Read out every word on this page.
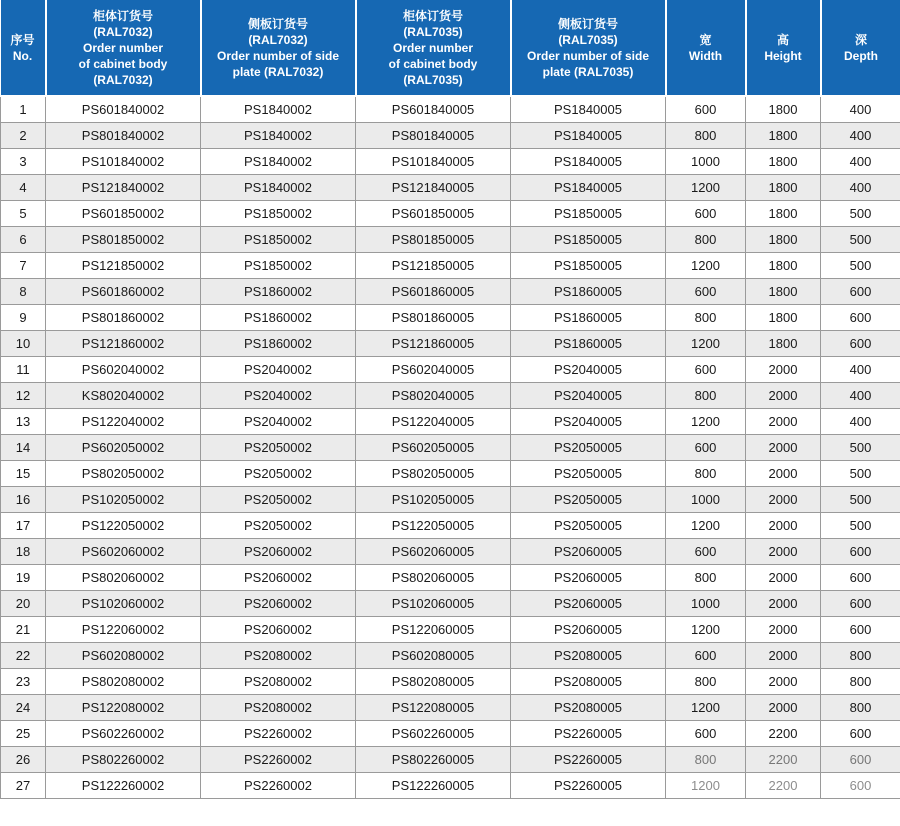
序号
No.	柜体订货号
(RAL7032)
Order number
of cabinet body
(RAL7032)	侧板订货号
(RAL7032)
Order number of side
plate (RAL7032)	柜体订货号
(RAL7035)
Order number
of cabinet body
(RAL7035)	侧板订货号
(RAL7035)
Order number of side
plate (RAL7035)	宽
Width	高
Height	深
Depth

1	PS601840002	PS1840002	PS601840005	PS1840005	600	1800	400
2	PS801840002	PS1840002	PS801840005	PS1840005	800	1800	400
3	PS101840002	PS1840002	PS101840005	PS1840005	1000	1800	400
4	PS121840002	PS1840002	PS121840005	PS1840005	1200	1800	400
5	PS601850002	PS1850002	PS601850005	PS1850005	600	1800	500
6	PS801850002	PS1850002	PS801850005	PS1850005	800	1800	500
7	PS121850002	PS1850002	PS121850005	PS1850005	1200	1800	500
8	PS601860002	PS1860002	PS601860005	PS1860005	600	1800	600
9	PS801860002	PS1860002	PS801860005	PS1860005	800	1800	600
10	PS121860002	PS1860002	PS121860005	PS1860005	1200	1800	600
11	PS602040002	PS2040002	PS602040005	PS2040005	600	2000	400
12	KS802040002	PS2040002	PS802040005	PS2040005	800	2000	400
13	PS122040002	PS2040002	PS122040005	PS2040005	1200	2000	400
14	PS602050002	PS2050002	PS602050005	PS2050005	600	2000	500
15	PS802050002	PS2050002	PS802050005	PS2050005	800	2000	500
16	PS102050002	PS2050002	PS102050005	PS2050005	1000	2000	500
17	PS122050002	PS2050002	PS122050005	PS2050005	1200	2000	500
18	PS602060002	PS2060002	PS602060005	PS2060005	600	2000	600
19	PS802060002	PS2060002	PS802060005	PS2060005	800	2000	600
20	PS102060002	PS2060002	PS102060005	PS2060005	1000	2000	600
21	PS122060002	PS2060002	PS122060005	PS2060005	1200	2000	600
22	PS602080002	PS2080002	PS602080005	PS2080005	600	2000	800
23	PS802080002	PS2080002	PS802080005	PS2080005	800	2000	800
24	PS122080002	PS2080002	PS122080005	PS2080005	1200	2000	800
25	PS602260002	PS2260002	PS602260005	PS2260005	600	2200	600
26	PS802260002	PS2260002	PS802260005	PS2260005	800	2200	600
27	PS122260002	PS2260002	PS122260005	PS2260005	1200	2200	600
